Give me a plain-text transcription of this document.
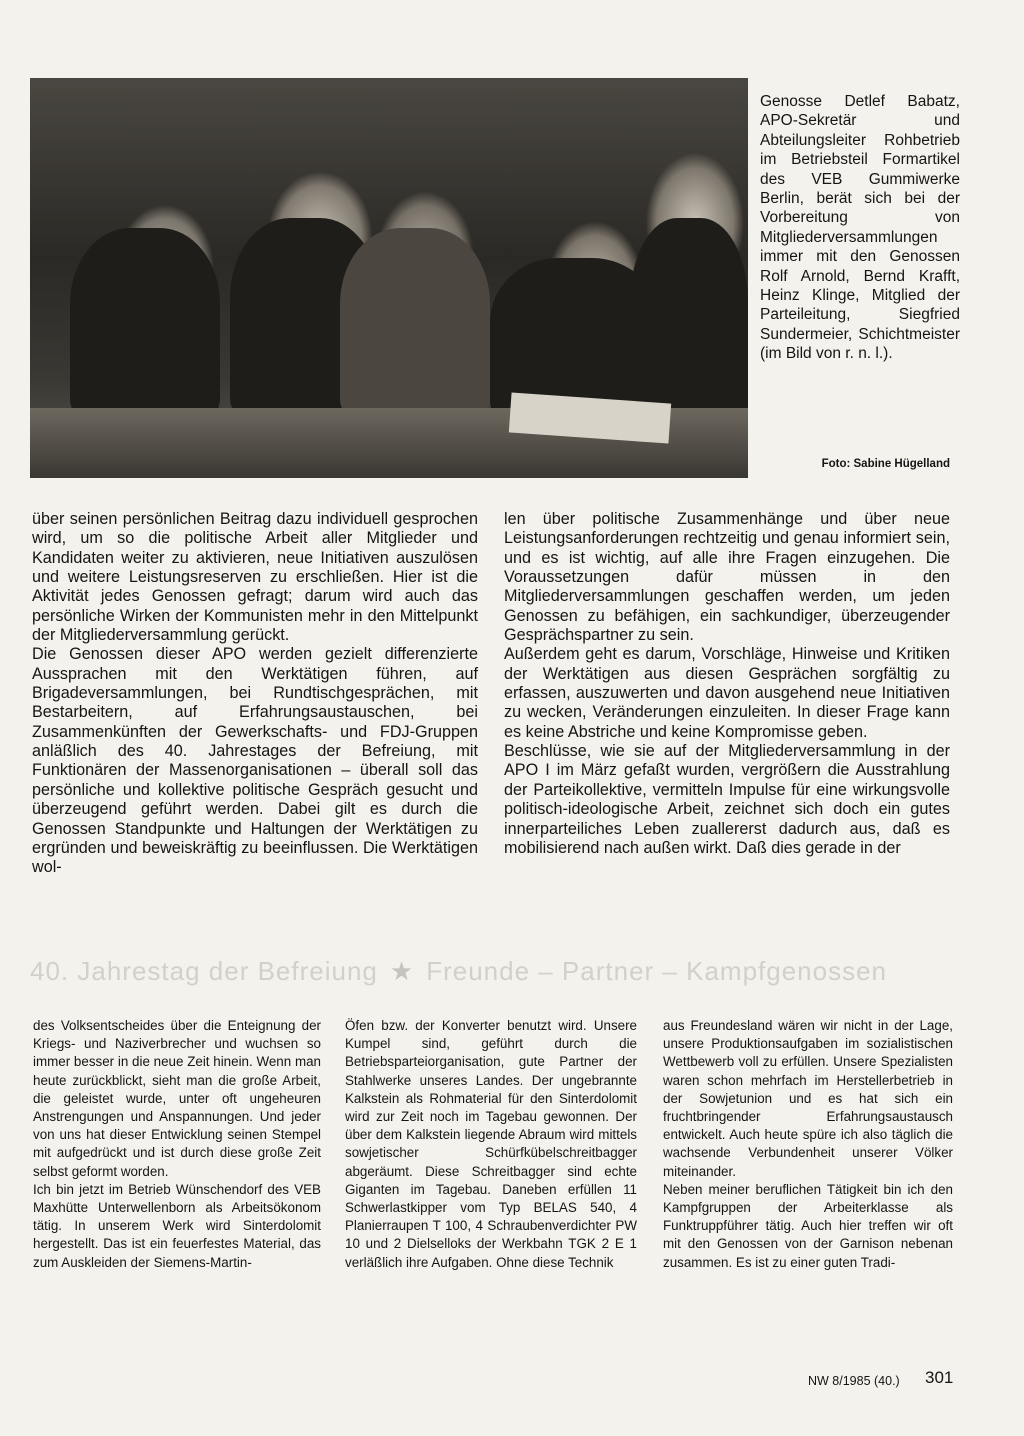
Genosse Detlef Babatz, APO-Sekretär und Abteilungsleiter Rohbetrieb im Betriebsteil Formartikel des VEB Gummiwerke Berlin, berät sich bei der Vorbereitung von Mitgliederversammlungen immer mit den Genossen Rolf Arnold, Bernd Krafft, Heinz Klinge, Mitglied der Parteileitung, Siegfried Sundermeier, Schichtmeister (im Bild von r. n. l.).

Foto: Sabine Hügelland

über seinen persönlichen Beitrag dazu individuell gesprochen wird, um so die politische Arbeit aller Mitglieder und Kandidaten weiter zu aktivieren, neue Initiativen auszulösen und weitere Leistungsreserven zu erschließen. Hier ist die Aktivität jedes Genossen gefragt; darum wird auch das persönliche Wirken der Kommunisten mehr in den Mittelpunkt der Mitgliederversammlung gerückt.

Die Genossen dieser APO werden gezielt differenzierte Aussprachen mit den Werktätigen führen, auf Brigadeversammlungen, bei Rundtischgesprächen, mit Bestarbeitern, auf Erfahrungsaustauschen, bei Zusammenkünften der Gewerkschafts- und FDJ-Gruppen anläßlich des 40. Jahrestages der Befreiung, mit Funktionären der Massenorganisationen – überall soll das persönliche und kollektive politische Gespräch gesucht und überzeugend geführt werden. Dabei gilt es durch die Genossen Standpunkte und Haltungen der Werktätigen zu ergründen und beweiskräftig zu beeinflussen. Die Werktätigen wol-

len über politische Zusammenhänge und über neue Leistungsanforderungen rechtzeitig und genau informiert sein, und es ist wichtig, auf alle ihre Fragen einzugehen. Die Voraussetzungen dafür müssen in den Mitgliederversammlungen geschaffen werden, um jeden Genossen zu befähigen, ein sachkundiger, überzeugender Gesprächspartner zu sein.

Außerdem geht es darum, Vorschläge, Hinweise und Kritiken der Werktätigen aus diesen Gesprächen sorgfältig zu erfassen, auszuwerten und davon ausgehend neue Initiativen zu wecken, Veränderungen einzuleiten. In dieser Frage kann es keine Abstriche und keine Kompromisse geben.

Beschlüsse, wie sie auf der Mitgliederversammlung in der APO I im März gefaßt wurden, vergrößern die Ausstrahlung der Parteikollektive, vermitteln Impulse für eine wirkungsvolle politisch-ideologische Arbeit, zeichnet sich doch ein gutes innerparteiliches Leben zuallererst dadurch aus, daß es mobilisierend nach außen wirkt. Daß dies gerade in der

40. Jahrestag der Befreiung ★ Freunde – Partner – Kampfgenossen

des Volksentscheides über die Enteignung der Kriegs- und Naziverbrecher und wuchsen so immer besser in die neue Zeit hinein. Wenn man heute zurückblickt, sieht man die große Arbeit, die geleistet wurde, unter oft ungeheuren Anstrengungen und Anspannungen. Und jeder von uns hat dieser Entwicklung seinen Stempel mit aufgedrückt und ist durch diese große Zeit selbst geformt worden.

Ich bin jetzt im Betrieb Wünschendorf des VEB Maxhütte Unterwellenborn als Arbeitsökonom tätig. In unserem Werk wird Sinterdolomit hergestellt. Das ist ein feuerfestes Material, das zum Auskleiden der Siemens-Martin-

Öfen bzw. der Konverter benutzt wird. Unsere Kumpel sind, geführt durch die Betriebsparteiorganisation, gute Partner der Stahlwerke unseres Landes. Der ungebrannte Kalkstein als Rohmaterial für den Sinterdolomit wird zur Zeit noch im Tagebau gewonnen. Der über dem Kalkstein liegende Abraum wird mittels sowjetischer Schürfkübelschreitbagger abgeräumt. Diese Schreitbagger sind echte Giganten im Tagebau. Daneben erfüllen 11 Schwerlastkipper vom Typ BELAS 540, 4 Planierraupen T 100, 4 Schraubenverdichter PW 10 und 2 Dielselloks der Werkbahn TGK 2 E 1 verläßlich ihre Aufgaben. Ohne diese Technik

aus Freundesland wären wir nicht in der Lage, unsere Produktionsaufgaben im sozialistischen Wettbewerb voll zu erfüllen. Unsere Spezialisten waren schon mehrfach im Herstellerbetrieb in der Sowjetunion und es hat sich ein fruchtbringender Erfahrungsaustausch entwickelt. Auch heute spüre ich also täglich die wachsende Verbundenheit unserer Völker miteinander.

Neben meiner beruflichen Tätigkeit bin ich den Kampfgruppen der Arbeiterklasse als Funktruppführer tätig. Auch hier treffen wir oft mit den Genossen von der Garnison nebenan zusammen. Es ist zu einer guten Tradi-

NW 8/1985 (40.) 301
